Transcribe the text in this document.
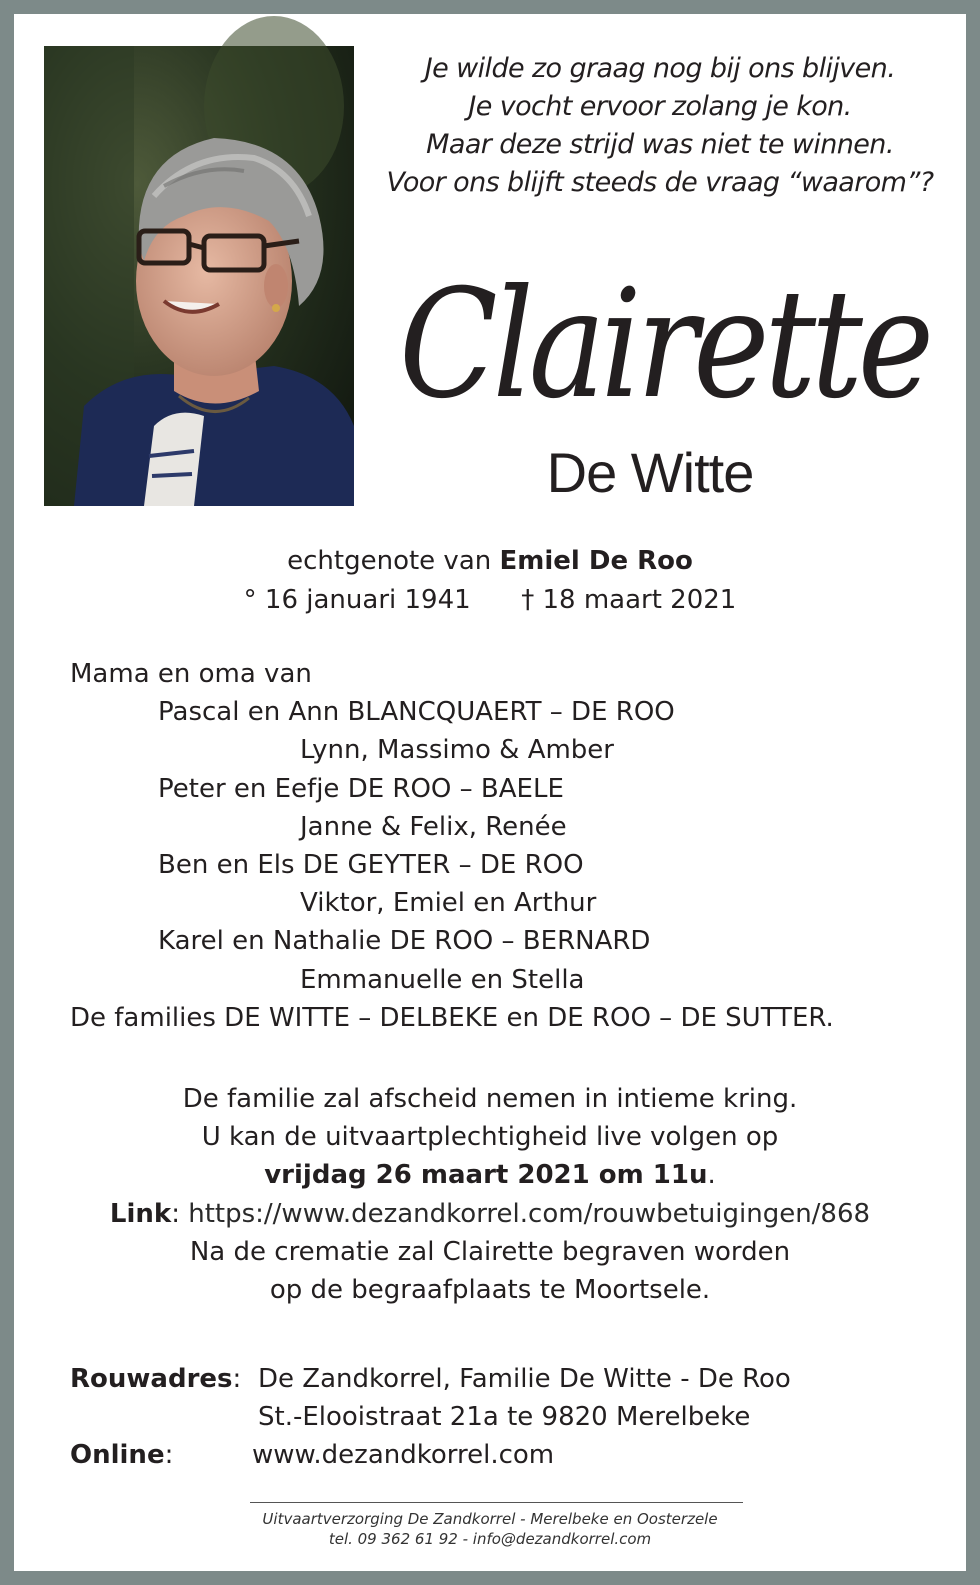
Je wilde zo graag nog bij ons blijven.
Je vocht ervoor zolang je kon.
Maar deze strijd was niet te winnen.
Voor ons blijft steeds de vraag “waarom”?
Clairette
De Witte
echtgenote van Emiel De Roo
° 16 januari 1941 † 18 maart 2021
Mama en oma van
Pascal en Ann BLANCQUAERT – DE ROO
Lynn, Massimo & Amber
Peter en Eefje DE ROO – BAELE
Janne & Felix, Renée
Ben en Els DE GEYTER – DE ROO
Viktor, Emiel en Arthur
Karel en Nathalie DE ROO – BERNARD
Emmanuelle en Stella
De families DE WITTE – DELBEKE en DE ROO – DE SUTTER.
De familie zal afscheid nemen in intieme kring.
U kan de uitvaartplechtigheid live volgen op
vrijdag 26 maart 2021 om 11u.
Link: https://www.dezandkorrel.com/rouwbetuigingen/868
Na de crematie zal Clairette begraven worden
op de begraafplaats te Moortsele.
Rouwadres: De Zandkorrel, Familie De Witte - De Roo
St.-Elooistraat 21a te 9820 Merelbeke
Online:	www.dezandkorrel.com
Uitvaartverzorging De Zandkorrel - Merelbeke en Oosterzele
tel. 09 362 61 92 - info@dezandkorrel.com
